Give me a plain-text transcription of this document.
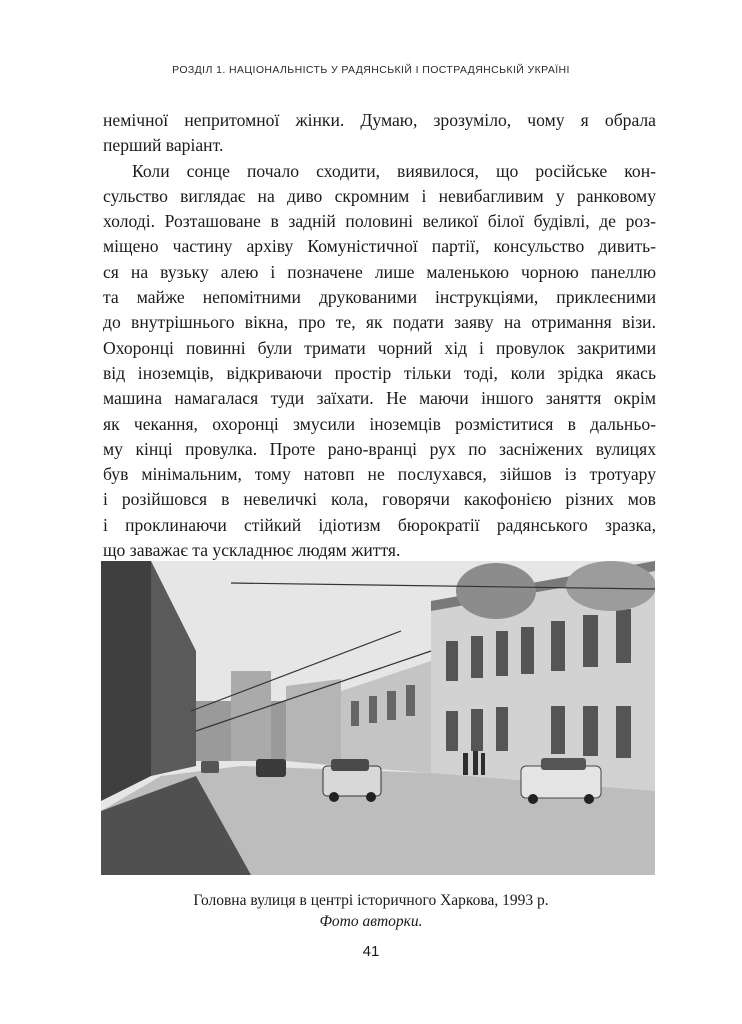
РОЗДІЛ 1. НАЦІОНАЛЬНІСТЬ У РАДЯНСЬКІЙ І ПОСТРАДЯНСЬКІЙ УКРАЇНІ
немічної непритомної жінки. Думаю, зрозуміло, чому я обрала
перший варіант.
Коли сонце почало сходити, виявилося, що російське кон-
сульство виглядає на диво скромним і невибагливим у ранковому
холоді. Розташоване в задній половині великої білої будівлі, де роз-
міщено частину архіву Комуністичної партії, консульство дивить-
ся на вузьку алею і позначене лише маленькою чорною панеллю
та майже непомітними друкованими інструкціями, приклеєними
до внутрішнього вікна, про те, як подати заяву на отримання візи.
Охоронці повинні були тримати чорний хід і провулок закритими
від іноземців, відкриваючи простір тільки тоді, коли зрідка якась
машина намагалася туди заїхати. Не маючи іншого заняття окрім
як чекання, охоронці змусили іноземців розміститися в дальньо-
му кінці провулка. Проте рано-вранці рух по засніжених вулицях
був мінімальним, тому натовп не послухався, зійшов із тротуару
і розійшовся в невеличкі кола, говорячи какофонією різних мов
і проклинаючи стійкий ідіотизм бюрократії радянського зразка,
що заважає та ускладнює людям життя.
Головна вулиця в центрі історичного Харкова, 1993 р.
Фото авторки.
41
